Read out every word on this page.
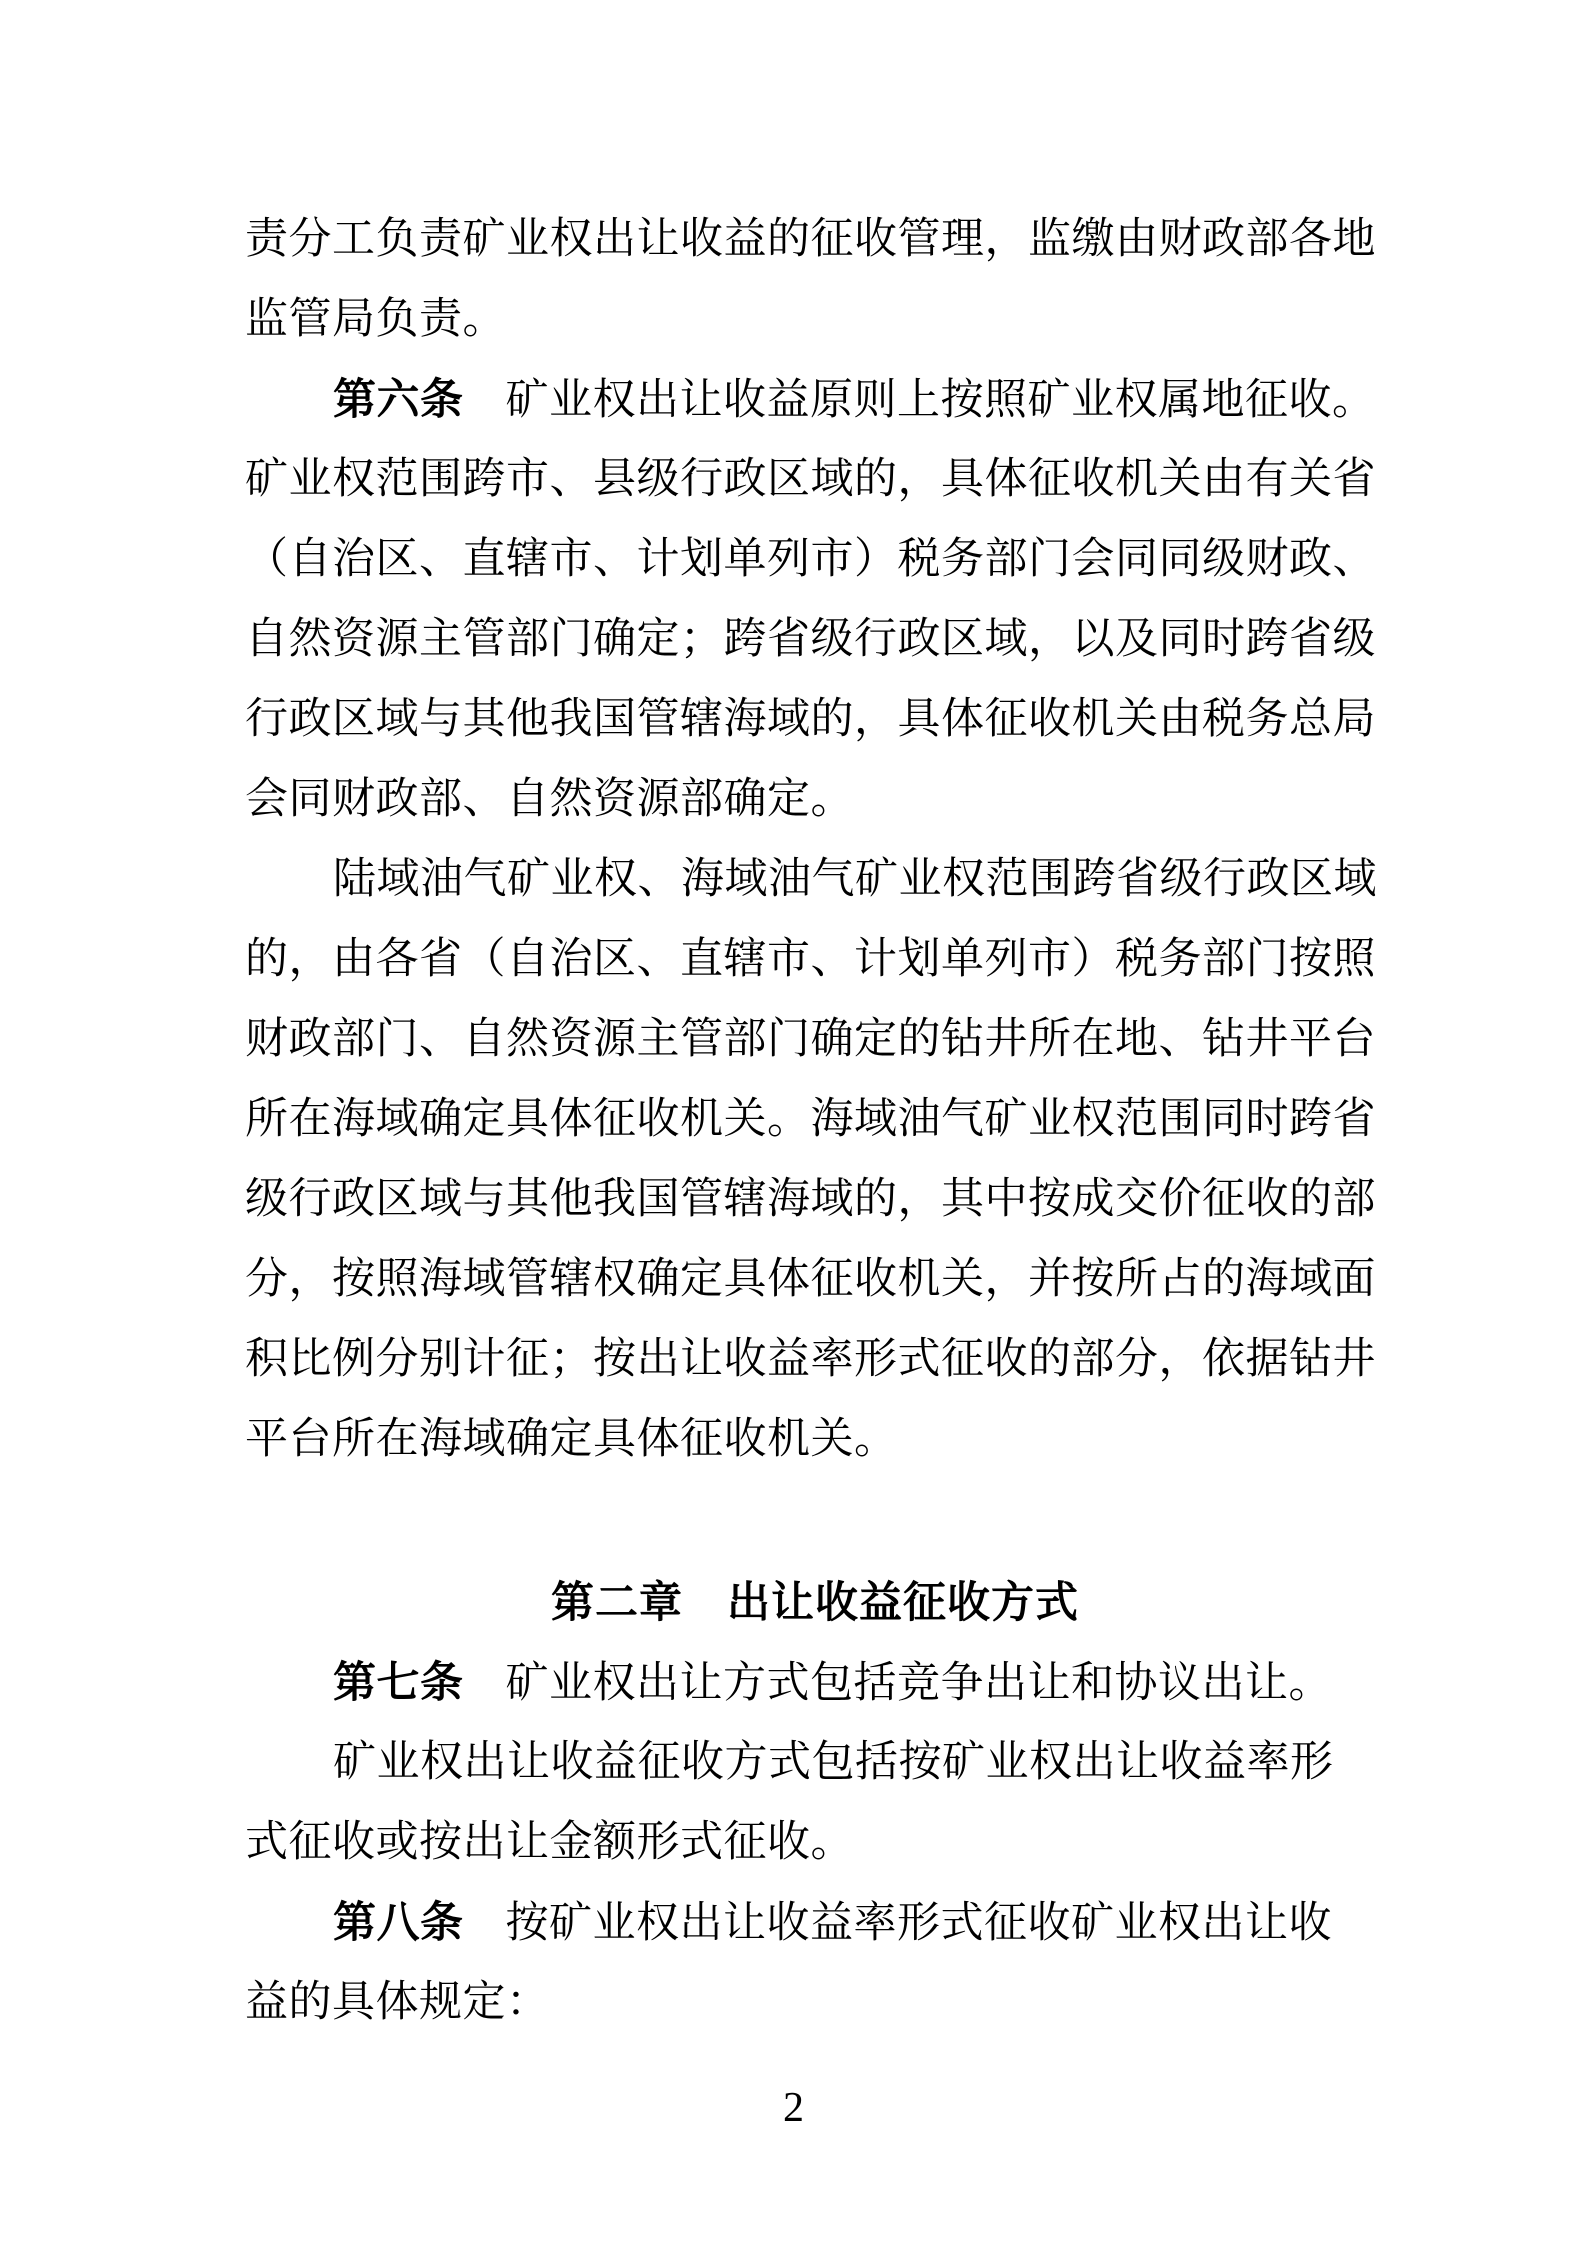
责分工负责矿业权出让收益的征收管理，监缴由财政部各地
监管局负责。
第六条 矿业权出让收益原则上按照矿业权属地征收。
矿业权范围跨市、县级行政区域的，具体征收机关由有关省
（自治区、直辖市、计划单列市）税务部门会同同级财政、
自然资源主管部门确定；跨省级行政区域，以及同时跨省级
行政区域与其他我国管辖海域的，具体征收机关由税务总局
会同财政部、自然资源部确定。
陆域油气矿业权、海域油气矿业权范围跨省级行政区域
的，由各省（自治区、直辖市、计划单列市）税务部门按照
财政部门、自然资源主管部门确定的钻井所在地、钻井平台
所在海域确定具体征收机关。海域油气矿业权范围同时跨省
级行政区域与其他我国管辖海域的，其中按成交价征收的部
分，按照海域管辖权确定具体征收机关，并按所占的海域面
积比例分别计征；按出让收益率形式征收的部分，依据钻井
平台所在海域确定具体征收机关。
第二章　出让收益征收方式
第七条 矿业权出让方式包括竞争出让和协议出让。
矿业权出让收益征收方式包括按矿业权出让收益率形
式征收或按出让金额形式征收。
第八条 按矿业权出让收益率形式征收矿业权出让收
益的具体规定：
2
